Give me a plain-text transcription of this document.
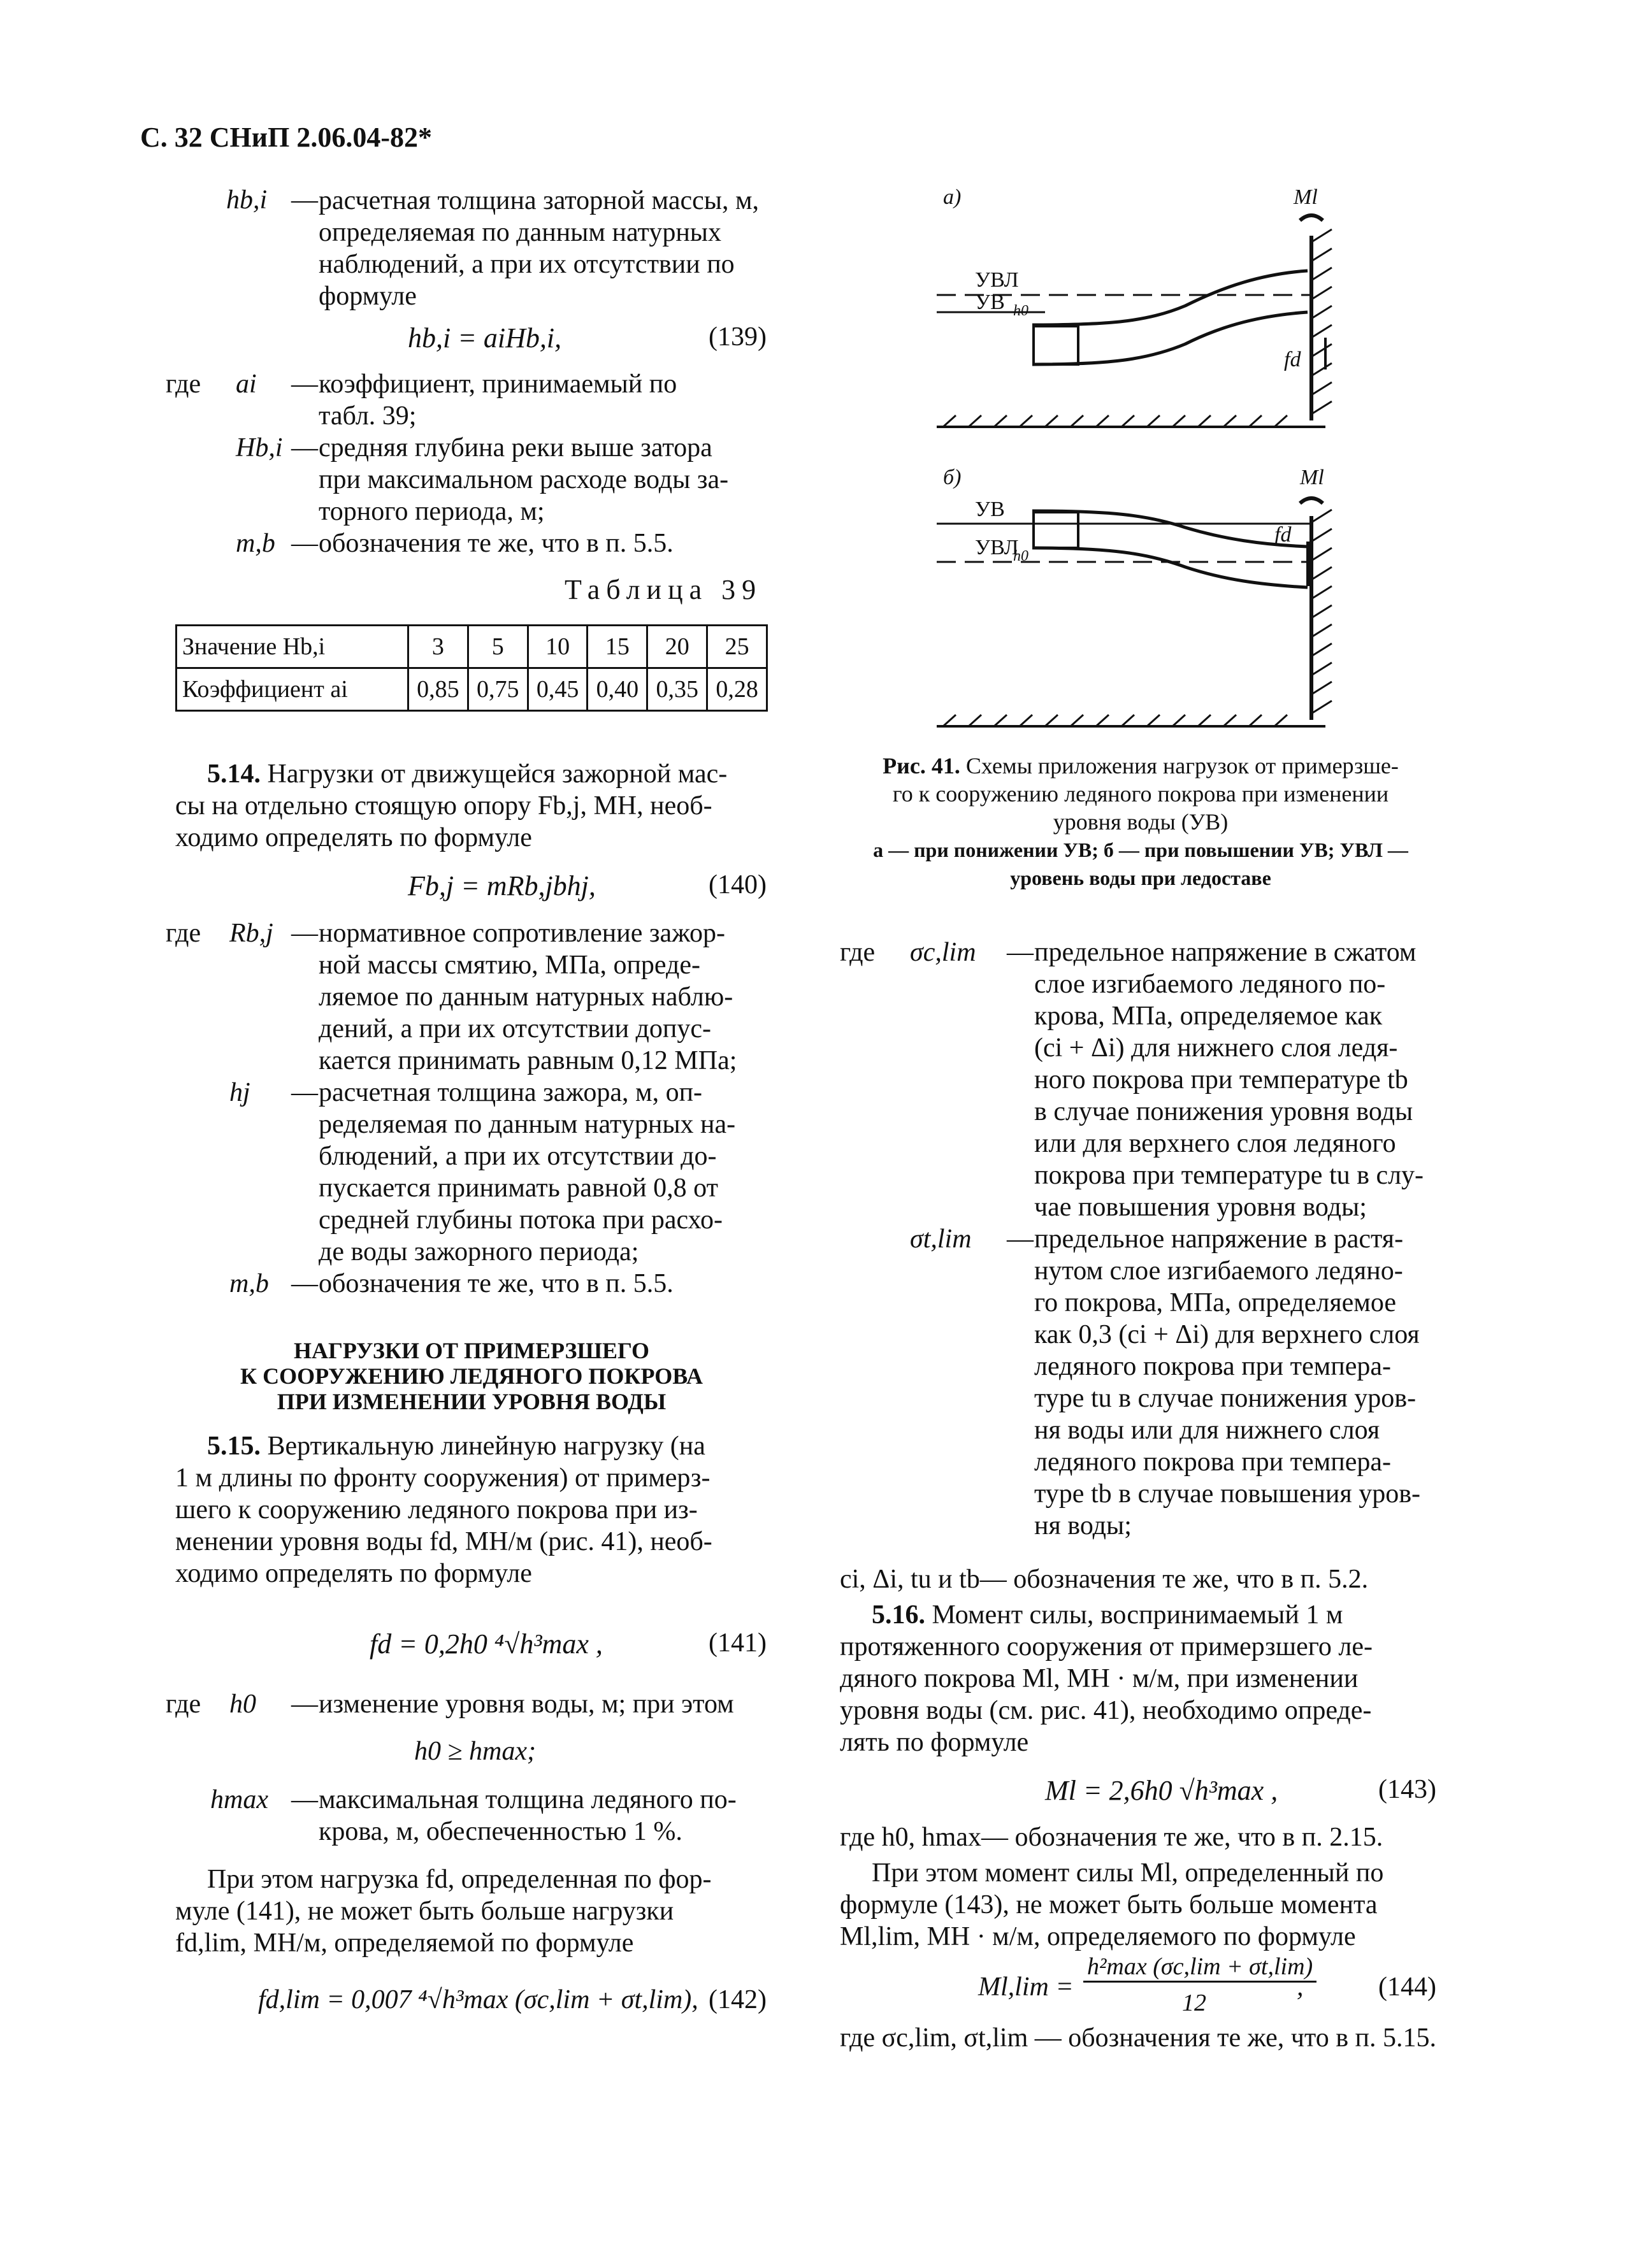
С. 32 СНиП 2.06.04-82*
hb,i — расчетная толщина заторной массы, м,
определяемая по данным натурных
наблюдений, а при их отсутствии по
формуле
hb,i = aiHb,i,	(139)
где ai — коэффициент, принимаемый по
табл. 39;
Hb,i — средняя глубина реки выше затора
при максимальном расходе воды за-
торного периода, м;
m,b — обозначения те же, что в п. 5.5.
Таблица 39
Значение Hb,i	3	5	10	15	20	25
Коэффициент ai	0,85	0,75	0,45	0,40	0,35	0,28
5.14. Нагрузки от движущейся зажорной мас-
сы на отдельно стоящую опору Fb,j, МН, необ-
ходимо определять по формуле
Fb,j = mRb,jbhj,	(140)
где Rb,j — нормативное сопротивление зажор-
ной массы смятию, МПа, опреде-
ляемое по данным натурных наблю-
дений, а при их отсутствии допус-
кается принимать равным 0,12 МПа;
hj — расчетная толщина зажора, м, оп-
ределяемая по данным натурных на-
блюдений, а при их отсутствии до-
пускается принимать равной 0,8 от
средней глубины потока при расхо-
де воды зажорного периода;
m,b — обозначения те же, что в п. 5.5.
НАГРУЗКИ ОТ ПРИМЕРЗШЕГО
К СООРУЖЕНИЮ ЛЕДЯНОГО ПОКРОВА
ПРИ ИЗМЕНЕНИИ УРОВНЯ ВОДЫ
5.15. Вертикальную линейную нагрузку (на
1 м длины по фронту сооружения) от примерз-
шего к сооружению ледяного покрова при из-
менении уровня воды fd, МН/м (рис. 41), необ-
ходимо определять по формуле
fd = 0,2h0 ⁴√h³max ,	(141)
где h0 — изменение уровня воды, м; при этом
h0 ≥ hmax;
hmax — максимальная толщина ледяного по-
крова, м, обеспеченностью 1 %.
При этом нагрузка fd, определенная по фор-
муле (141), не может быть больше нагрузки
fd,lim, МН/м, определяемой по формуле
fd,lim = 0,007 ⁴√h³max (σc,lim + σt,lim), (142)
а)	Ml
УВЛ
УВ
fd
б)	Ml
УВ
УВЛ
fd
h0
h0
Рис. 41. Схемы приложения нагрузок от примерзше-
го к сооружению ледяного покрова при изменении
уровня воды (УВ)
а — при понижении УВ; б — при повышении УВ; УВЛ —
уровень воды при ледоставе
где σc,lim — предельное напряжение в сжатом
слое изгибаемого ледяного по-
крова, МПа, определяемое как
(ci + Δi) для нижнего слоя ледя-
ного покрова при температуре tb
в случае понижения уровня воды
или для верхнего слоя ледяного
покрова при температуре tu в слу-
чае повышения уровня воды;
σt,lim — предельное напряжение в растя-
нутом слое изгибаемого ледяно-
го покрова, МПа, определяемое
как 0,3 (ci + Δi) для верхнего слоя
ледяного покрова при темпера-
туре tu в случае понижения уров-
ня воды или для нижнего слоя
ледяного покрова при темпера-
туре tb в случае повышения уров-
ня воды;
ci, Δi, tu и tb— обозначения те же, что в п. 5.2.
5.16. Момент силы, воспринимаемый 1 м
протяженного сооружения от примерзшего ле-
дяного покрова Ml, МН · м/м, при изменении
уровня воды (см. рис. 41), необходимо опреде-
лять по формуле
Ml = 2,6h0 √h³max ,	(143)
где h0, hmax— обозначения те же, что в п. 2.15.
При этом момент силы Ml, определенный по
формуле (143), не может быть больше момента
Ml,lim, МН · м/м, определяемого по формуле
Ml,lim =
h²max (σc,lim + σt,lim)
12
,	(144)
где σc,lim, σt,lim — обозначения те же, что в п. 5.15.
